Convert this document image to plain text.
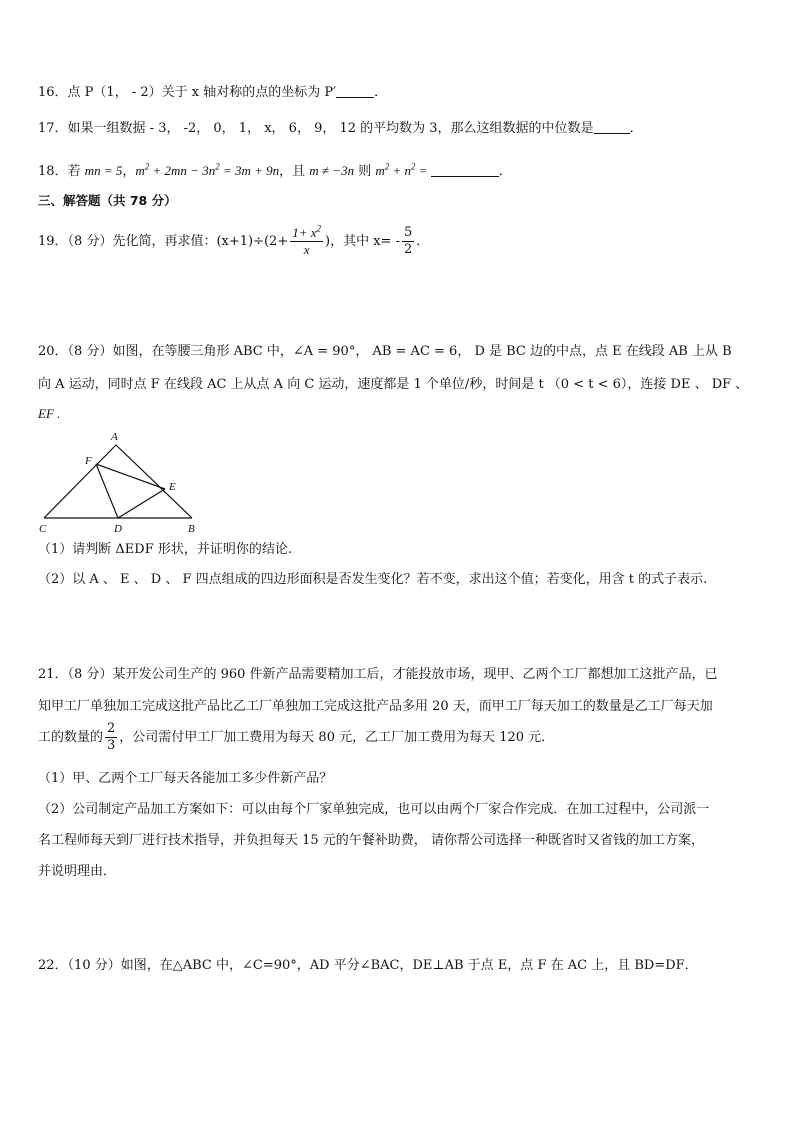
16．点 P（1， - 2）关于 x 轴对称的点的坐标为 P′	．
17．如果一组数据 - 3， -2， 0， 1， x， 6， 9， 12 的平均数为 3，那么这组数据的中位数是	．
18．若 mn = 5，$m^2 + 2mn - 3n^2 = 3m + 9n$，且 m ≠ −3n 则 $m^2 + n^2$ =	．
三、解答题（共 78 分）
19．（8 分）先化简，再求值：$(x+1)\div(2+ \frac{1+ x^2}{x}$ )，其中 $x= - \frac{5}{2}$ ．
20．（8 分）如图，在等腰三角形 ABC 中，∠A = 90°， AB = AC = 6， D 是 BC 边的中点，点 E 在线段 AB 上从 B
向 A 运动，同时点 F 在线段 AC 上从点 A 向 C 运动，速度都是 1 个单位/秒，时间是 t （0 < t < 6），连接 DE 、 DF 、
EF .
A
F
E
C	D	B
（1）请判断 ΔEDF 形状，并证明你的结论.
（2）以 A 、 E 、 D 、 F 四点组成的四边形面积是否发生变化？若不变，求出这个值；若变化，用含 t 的式子表示.
21．（8 分）某开发公司生产的 960 件新产品需要精加工后，才能投放市场，现甲、乙两个工厂都想加工这批产品，已
知甲工厂单独加工完成这批产品比乙工厂单独加工完成这批产品多用 20 天，而甲工厂每天加工的数量是乙工厂每天加
工的数量的 $\frac{2}{3}$ ，公司需付甲工厂加工费用为每天 80 元，乙工厂加工费用为每天 120 元．
（1）甲、乙两个工厂每天各能加工多少件新产品？
（2）公司制定产品加工方案如下：可以由每个厂家单独完成，也可以由两个厂家合作完成．在加工过程中，公司派一
名工程师每天到厂进行技术指导，并负担每天 15 元的午餐补助费， 请你帮公司选择一种既省时又省钱的加工方案，
并说明理由．
22．（10 分）如图，在△ABC 中，∠C=90°，AD 平分∠BAC，DE⊥AB 于点 E，点 F 在 AC 上，且 BD=DF．
